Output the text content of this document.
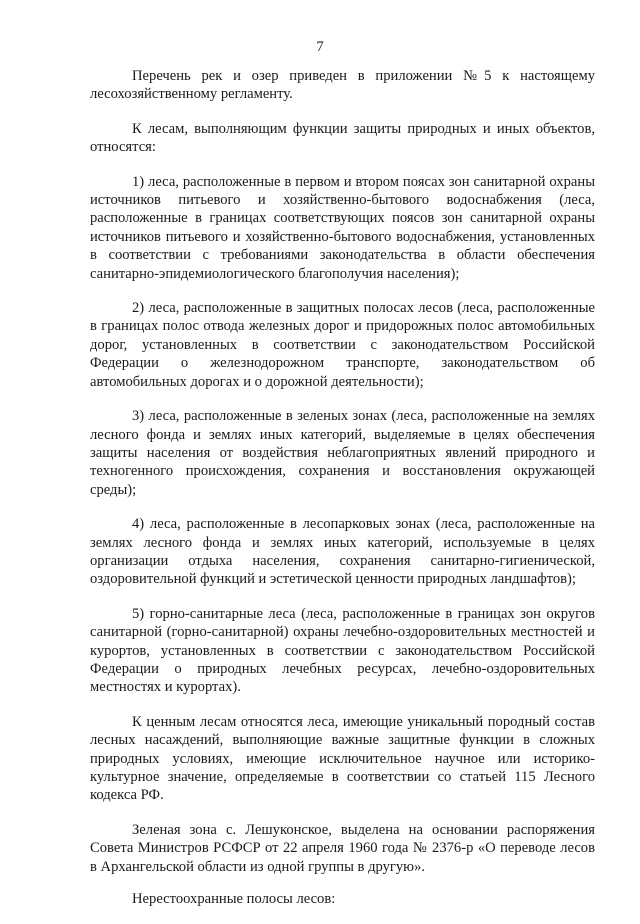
7

Перечень рек и озер приведен в приложении №5 к настоящему лесохозяйственному регламенту.

К лесам, выполняющим функции защиты природных и иных объектов, относятся:

1) леса, расположенные в первом и втором поясах зон санитарной охраны источников питьевого и хозяйственно-бытового водоснабжения (леса, расположенные в границах соответствующих поясов зон санитарной охраны источников питьевого и хозяйственно-бытового водоснабжения, установленных в соответствии с требованиями законодательства в области обеспечения санитарно-эпидемиологического благополучия населения);

2) леса, расположенные в защитных полосах лесов (леса, расположенные в границах полос отвода железных дорог и придорожных полос автомобильных дорог, установленных в соответствии с законодательством Российской Федерации о железнодорожном транспорте, законодательством об автомобильных дорогах и о дорожной деятельности);

3) леса, расположенные в зеленых зонах (леса, расположенные на землях лесного фонда и землях иных категорий, выделяемые в целях обеспечения защиты населения от воздействия неблагоприятных явлений природного и техногенного происхождения, сохранения и восстановления окружающей среды);

4) леса, расположенные в лесопарковых зонах (леса, расположенные на землях лесного фонда и землях иных категорий, используемые в целях организации отдыха населения, сохранения санитарно-гигиенической, оздоровительной функций и эстетической ценности природных ландшафтов);

5) горно-санитарные леса (леса, расположенные в границах зон округов санитарной (горно-санитарной) охраны лечебно-оздоровительных местностей и курортов, установленных в соответствии с законодательством Российской Федерации о природных лечебных ресурсах, лечебно-оздоровительных местностях и курортах).

К ценным лесам относятся леса, имеющие уникальный породный состав лесных насаждений, выполняющие важные защитные функции в сложных природных условиях, имеющие исключительное научное или историко-культурное значение, определяемые в соответствии со статьей 115 Лесного кодекса РФ.

Зеленая зона с. Лешуконское, выделена на основании распоряжения Совета Министров РСФСР от 22 апреля 1960 года № 2376-р «О переводе лесов в Архангельской области из одной группы в другую».

Нерестоохранные полосы лесов:
